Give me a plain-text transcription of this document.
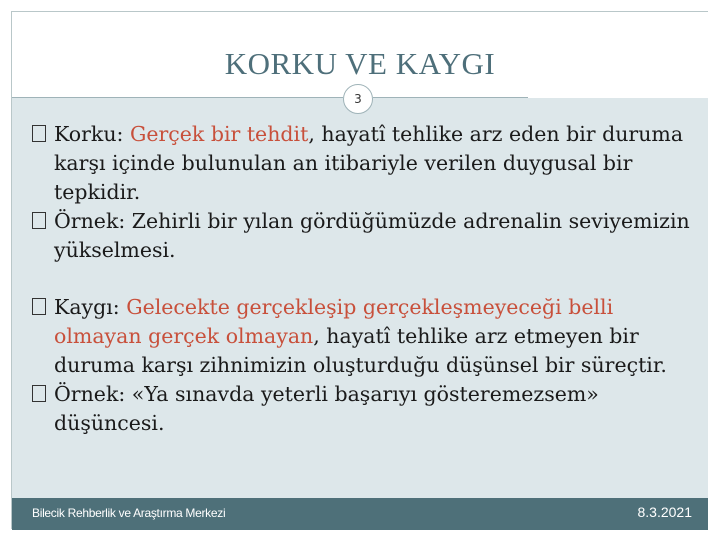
KORKU VE KAYGI
3
Korku: Gerçek bir tehdit, hayatî tehlike arz eden bir duruma karşı içinde bulunulan an itibariyle verilen duygusal bir tepkidir.
Örnek: Zehirli bir yılan gördüğümüzde adrenalin seviyemizin yükselmesi.
Kaygı: Gelecekte gerçekleşip gerçekleşmeyeceği belli olmayan gerçek olmayan, hayatî tehlike arz etmeyen bir duruma karşı zihnimizin oluşturduğu düşünsel bir süreçtir.
Örnek: «Ya sınavda yeterli başarıyı gösteremezsem» düşüncesi.
Bilecik Rehberlik ve Araştırma Merkezi	8.3.2021
